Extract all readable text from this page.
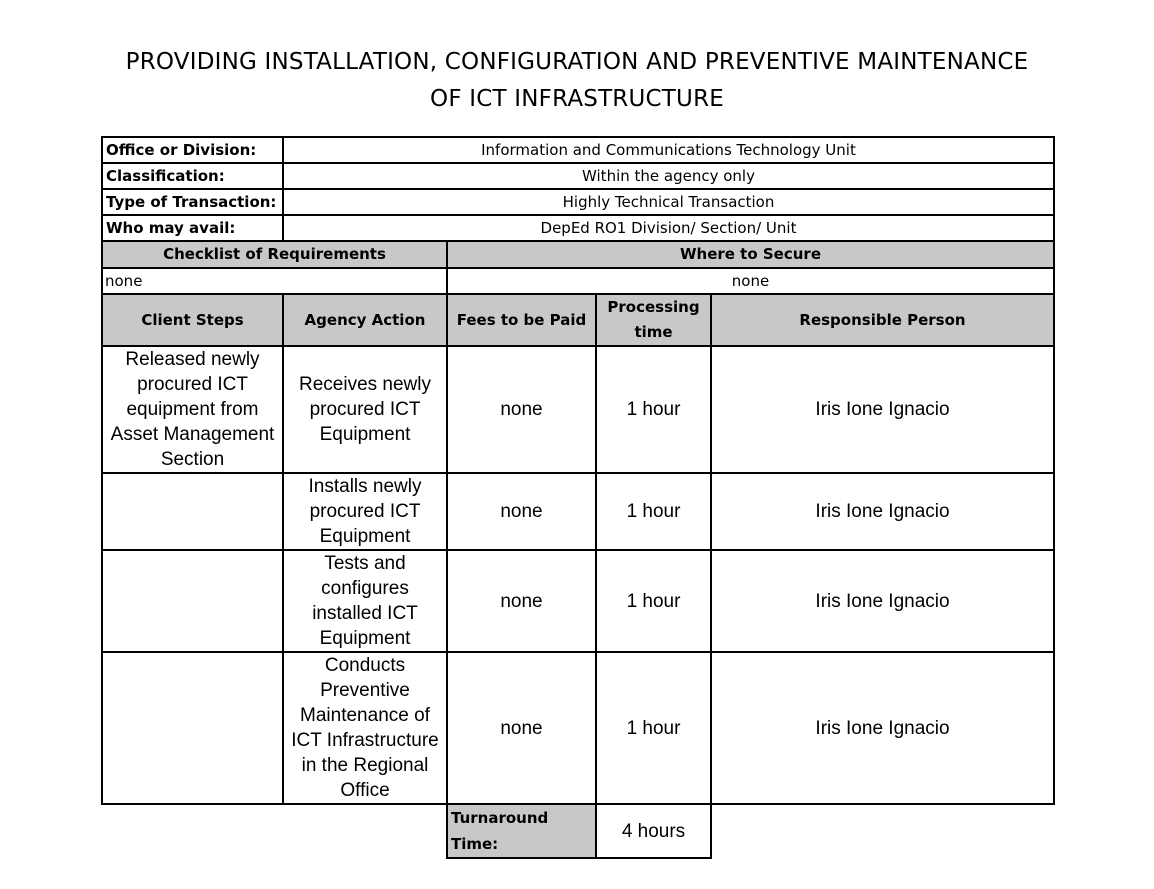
PROVIDING INSTALLATION, CONFIGURATION AND PREVENTIVE MAINTENANCE
OF ICT INFRASTRUCTURE
Office or Division:	Information and Communications Technology Unit			
Classification:	Within the agency only			
Type of Transaction:	Highly Technical Transaction			
Who may avail:	DepEd RO1 Division/ Section/ Unit			
Checklist of Requirements		Where to Secure		
none		none		
Client Steps	Agency Action	Fees to be Paid	Processing time	Responsible Person
Released newly procured ICT equipment from Asset Management Section	Receives newly procured ICT Equipment	none	1 hour	Iris Ione Ignacio
	Installs newly procured ICT Equipment	none	1 hour	Iris Ione Ignacio
	Tests and configures installed ICT Equipment	none	1 hour	Iris Ione Ignacio
	Conducts Preventive Maintenance of ICT Infrastructure in the Regional Office	none	1 hour	Iris Ione Ignacio
		Turnaround Time:	4 hours	
